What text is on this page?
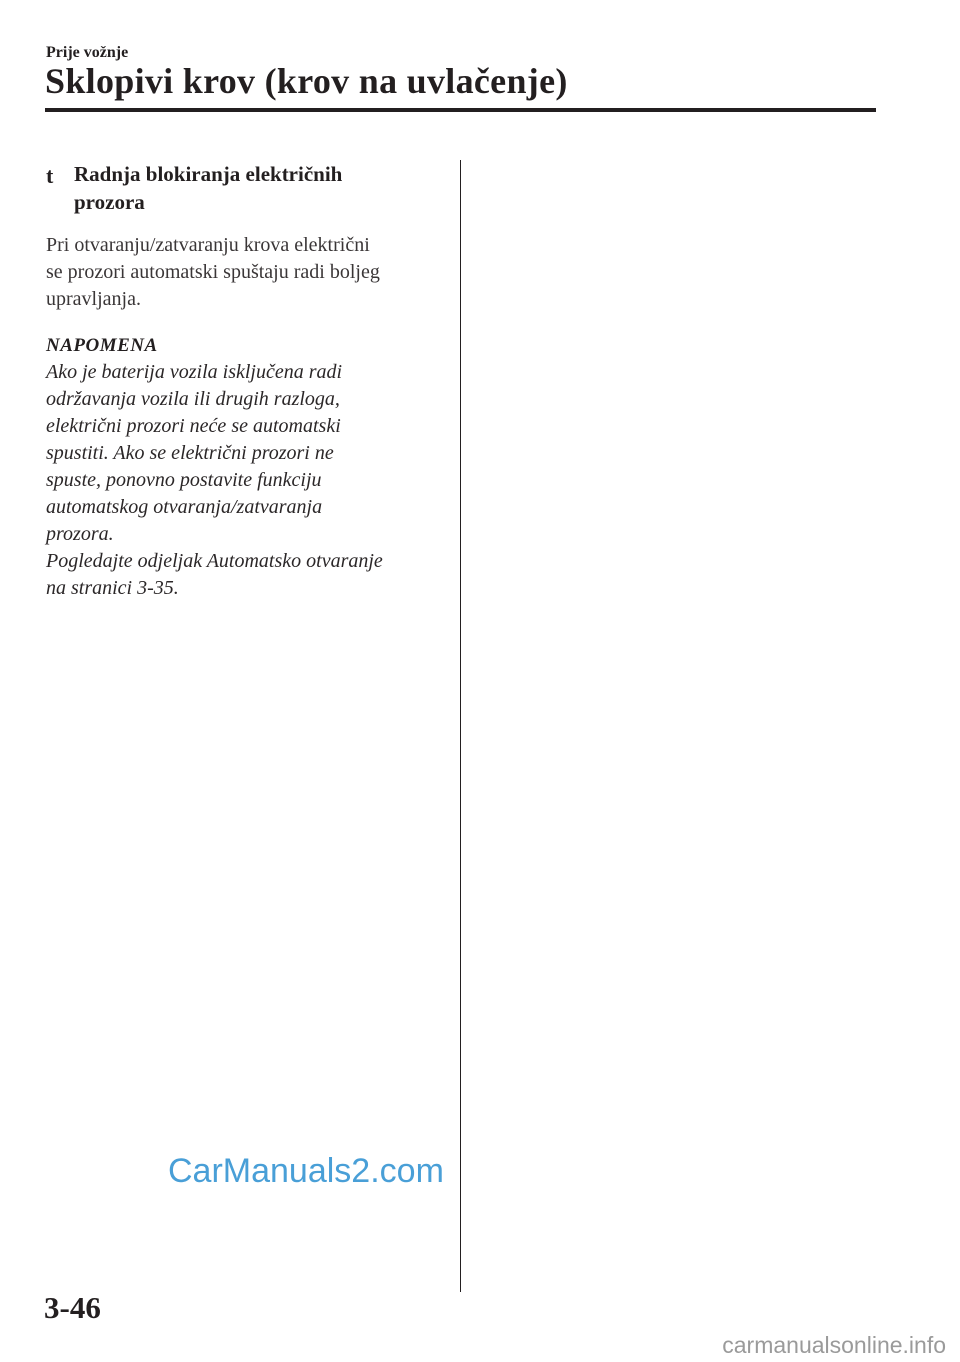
Prije vožnje
Sklopivi krov (krov na uvlačenje)
t Radnja blokiranja električnih
prozora

Pri otvaranju/zatvaranju krova električni
se prozori automatski spuštaju radi boljeg
upravljanja.

NAPOMENA

Ako je baterija vozila isključena radi
održavanja vozila ili drugih razloga,
električni prozori neće se automatski
spustiti. Ako se električni prozori ne
spuste, ponovno postavite funkciju
automatskog otvaranja/zatvaranja
prozora.
Pogledajte odjeljak Automatsko otvaranje
na stranici 3-35.

CarManuals2.com
3-46
carmanualsonline.info
